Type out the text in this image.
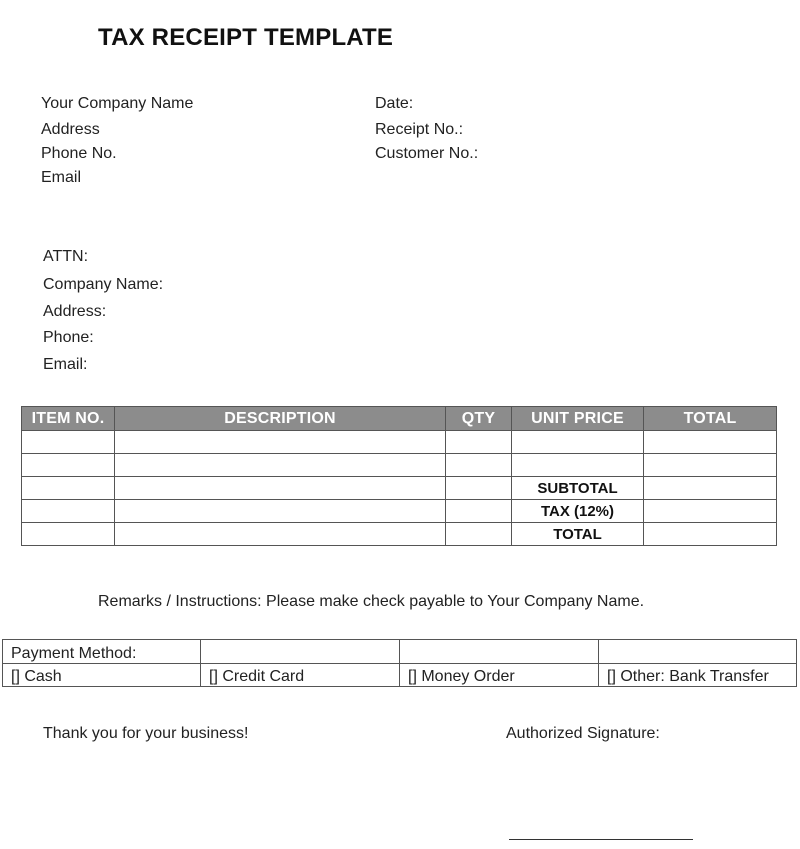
TAX RECEIPT TEMPLATE
Your Company Name
Address
Phone No.
Email
Date:
Receipt No.:
Customer No.:
ATTN:
Company Name:
Address:
Phone:
Email:
ITEM NO.	DESCRIPTION	QTY	UNIT PRICE	TOTAL

			SUBTOTAL	
			TAX (12%)	
			TOTAL	
Remarks / Instructions: Please make check payable to Your Company Name.
Payment Method:			
[] Cash	[] Credit Card	[] Money Order	[] Other: Bank Transfer
Thank you for your business!	Authorized Signature:
